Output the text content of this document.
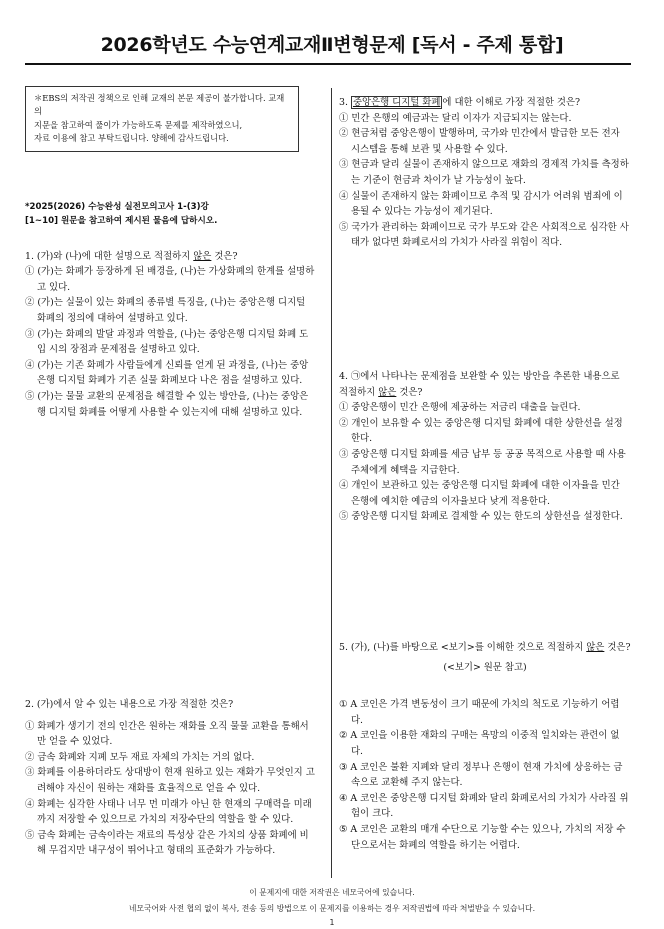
2026학년도 수능연계교재Ⅱ변형문제 [독서 - 주제 통합]
＊EBS의 저작권 정책으로 인해 교재의 본문 제공이 불가합니다. 교재의
지문을 참고하여 풀이가 가능하도록 문제를 제작하였으니,
자료 이용에 참고 부탁드립니다. 양해에 감사드립니다.
*2025(2026) 수능완성 실전모의고사 1-(3)강
[1~10] 원문을 참고하여 제시된 물음에 답하시오.
1. (가)와 (나)에 대한 설명으로 적절하지 않은 것은?
① (가)는 화폐가 등장하게 된 배경을, (나)는 가상화폐의 한계를 설명하고 있다.
② (가)는 실물이 있는 화폐의 종류별 특징을, (나)는 중앙은행 디지털 화폐의 정의에 대하여 설명하고 있다.
③ (가)는 화폐의 발달 과정과 역할을, (나)는 중앙은행 디지털 화폐 도입 시의 장점과 문제점을 설명하고 있다.
④ (가)는 기존 화폐가 사람들에게 신뢰를 얻게 된 과정을, (나)는 중앙은행 디지털 화폐가 기존 실물 화폐보다 나은 점을 설명하고 있다.
⑤ (가)는 물물 교환의 문제점을 해결할 수 있는 방안을, (나)는 중앙은행 디지털 화폐를 어떻게 사용할 수 있는지에 대해 설명하고 있다.
2. (가)에서 알 수 있는 내용으로 가장 적절한 것은?
① 화폐가 생기기 전의 인간은 원하는 재화를 오직 물물 교환을 통해서만 얻을 수 있었다.
② 금속 화폐와 지폐 모두 재료 자체의 가치는 거의 없다.
③ 화폐를 이용하더라도 상대방이 현재 원하고 있는 재화가 무엇인지 고려해야 자신이 원하는 재화를 효율적으로 얻을 수 있다.
④ 화폐는 심각한 사태나 너무 먼 미래가 아닌 한 현재의 구매력을 미래까지 저장할 수 있으므로 가치의 저장수단의 역할을 할 수 있다.
⑤ 금속 화폐는 금속이라는 재료의 특성상 같은 가치의 상품 화폐에 비해 무겁지만 내구성이 뛰어나고 형태의 표준화가 가능하다.
3. 중앙은행 디지털 화폐 에 대한 이해로 가장 적절한 것은?
① 민간 은행의 예금과는 달리 이자가 지급되지는 않는다.
② 현금처럼 중앙은행이 발행하며, 국가와 민간에서 발급한 모든 전자 시스템을 통해 보관 및 사용할 수 있다.
③ 현금과 달리 실물이 존재하지 않으므로 재화의 경제적 가치를 측정하는 기준이 현금과 차이가 날 가능성이 높다.
④ 실물이 존재하지 않는 화폐이므로 추적 및 감시가 어려워 범죄에 이용될 수 있다는 가능성이 제기된다.
⑤ 국가가 관리하는 화폐이므로 국가 부도와 같은 사회적으로 심각한 사태가 없다면 화폐로서의 가치가 사라질 위험이 적다.
4. ㉠에서 나타나는 문제점을 보완할 수 있는 방안을 추론한 내용으로 적절하지 않은 것은?
① 중앙은행이 민간 은행에 제공하는 저금리 대출을 늘린다.
② 개인이 보유할 수 있는 중앙은행 디지털 화폐에 대한 상한선을 설정한다.
③ 중앙은행 디지털 화폐를 세금 납부 등 공공 목적으로 사용할 때 사용 주체에게 혜택을 지급한다.
④ 개인이 보관하고 있는 중앙은행 디지털 화폐에 대한 이자율을 민간 은행에 예치한 예금의 이자율보다 낮게 적용한다.
⑤ 중앙은행 디지털 화폐로 결제할 수 있는 한도의 상한선을 설정한다.
5. (가), (나)를 바탕으로 <보기>를 이해한 것으로 적절하지 않은 것은?
(<보기> 원문 참고)
① A 코인은 가격 변동성이 크기 때문에 가치의 척도로 기능하기 어렵다.
② A 코인을 이용한 재화의 구매는 욕망의 이중적 일치와는 관련이 없다.
③ A 코인은 불환 지폐와 달리 정부나 은행이 현재 가치에 상응하는 금속으로 교환해 주지 않는다.
④ A 코인은 중앙은행 디지털 화폐와 달리 화폐로서의 가치가 사라질 위험이 크다.
⑤ A 코인은 교환의 매개 수단으로 기능할 수는 있으나, 가치의 저장 수단으로서는 화폐의 역할을 하기는 어렵다.
이 문제지에 대한 저작권은 네모국어에 있습니다.
네모국어와 사전 협의 없이 복사, 전송 등의 방법으로 이 문제지를 이용하는 경우 저작권법에 따라 처벌받을 수 있습니다.
1
